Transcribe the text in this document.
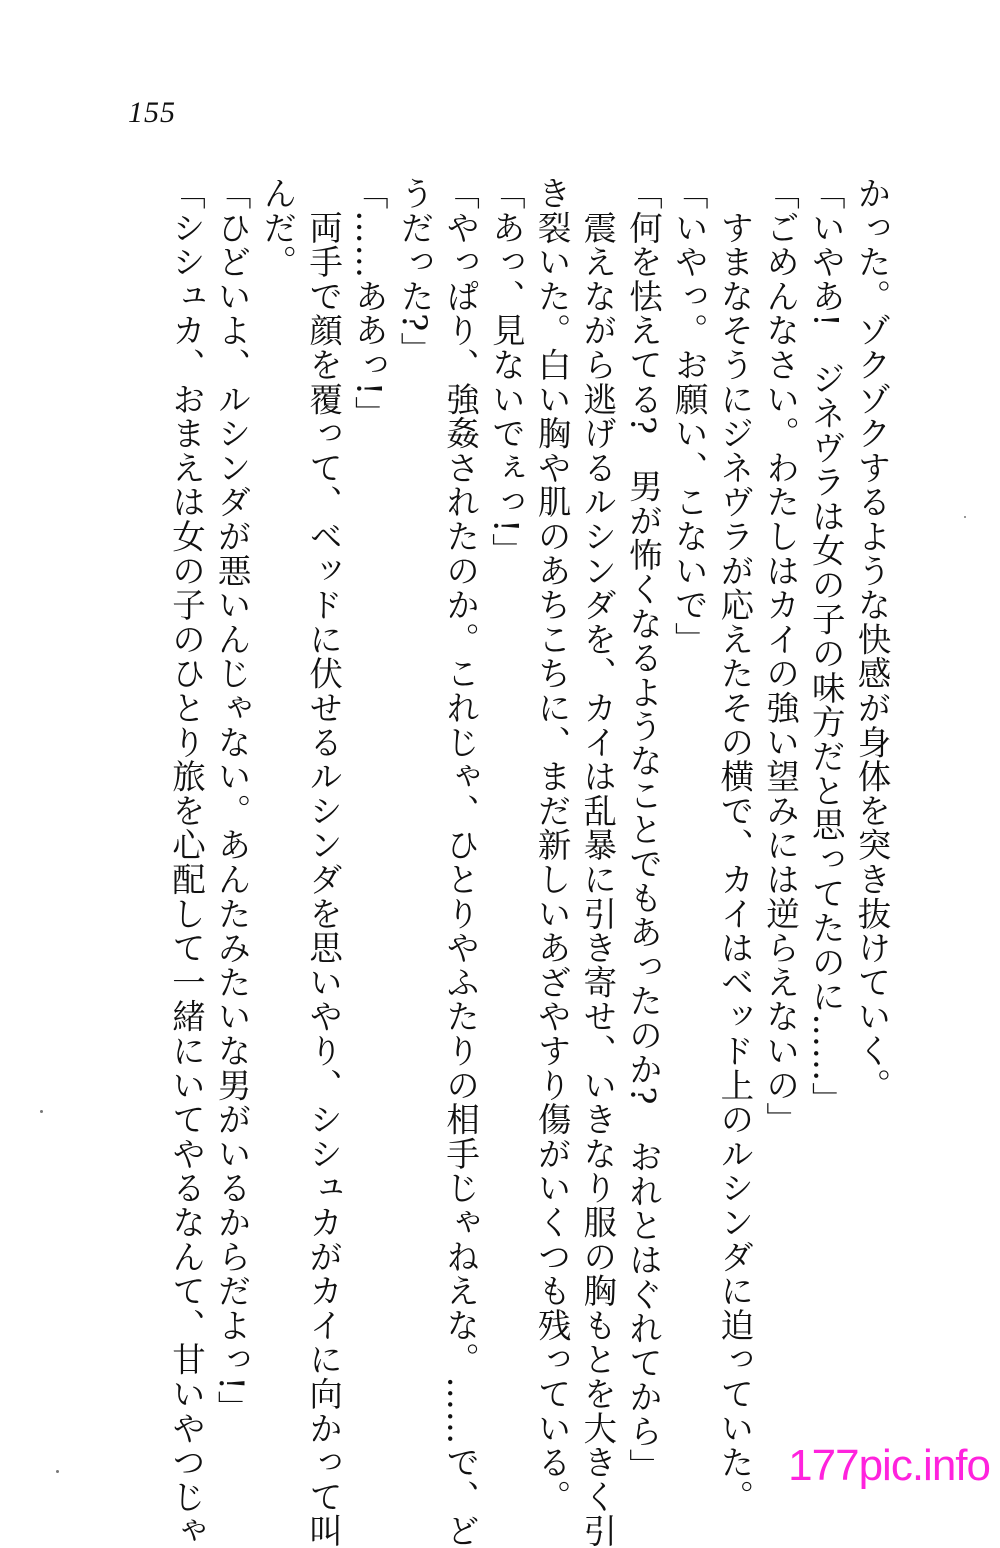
155
かった。ゾクゾクするような快感が身体を突き抜けていく。
「いやあ!　ジネヴラは女の子の味方だと思ってたのに……」
「ごめんなさい。わたしはカイの強い望みには逆らえないの」
　すまなそうにジネヴラが応えたその横で、カイはベッド上のルシンダに迫っていた。
「いやっ。お願い、こないで」
「何を怯えてる?　男が怖くなるようなことでもあったのか?　おれとはぐれてから」
　震えながら逃げるルシンダを、カイは乱暴に引き寄せ、いきなり服の胸もとを大きく引
き裂いた。白い胸や肌のあちこちに、まだ新しいあざやすり傷がいくつも残っている。
「あっ、見ないでぇっ!」
「やっぱり、強姦されたのか。これじゃ、ひとりやふたりの相手じゃねえな。……で、ど
うだった?」
「……ああっ!」
　両手で顔を覆って、ベッドに伏せるルシンダを思いやり、シシュカがカイに向かって叫
んだ。
「ひどいよ、ルシンダが悪いんじゃない。あんたみたいな男がいるからだよっ!」
「シシュカ、おまえは女の子のひとり旅を心配して一緒にいてやるなんて、甘いやつじゃ	177pic.info
